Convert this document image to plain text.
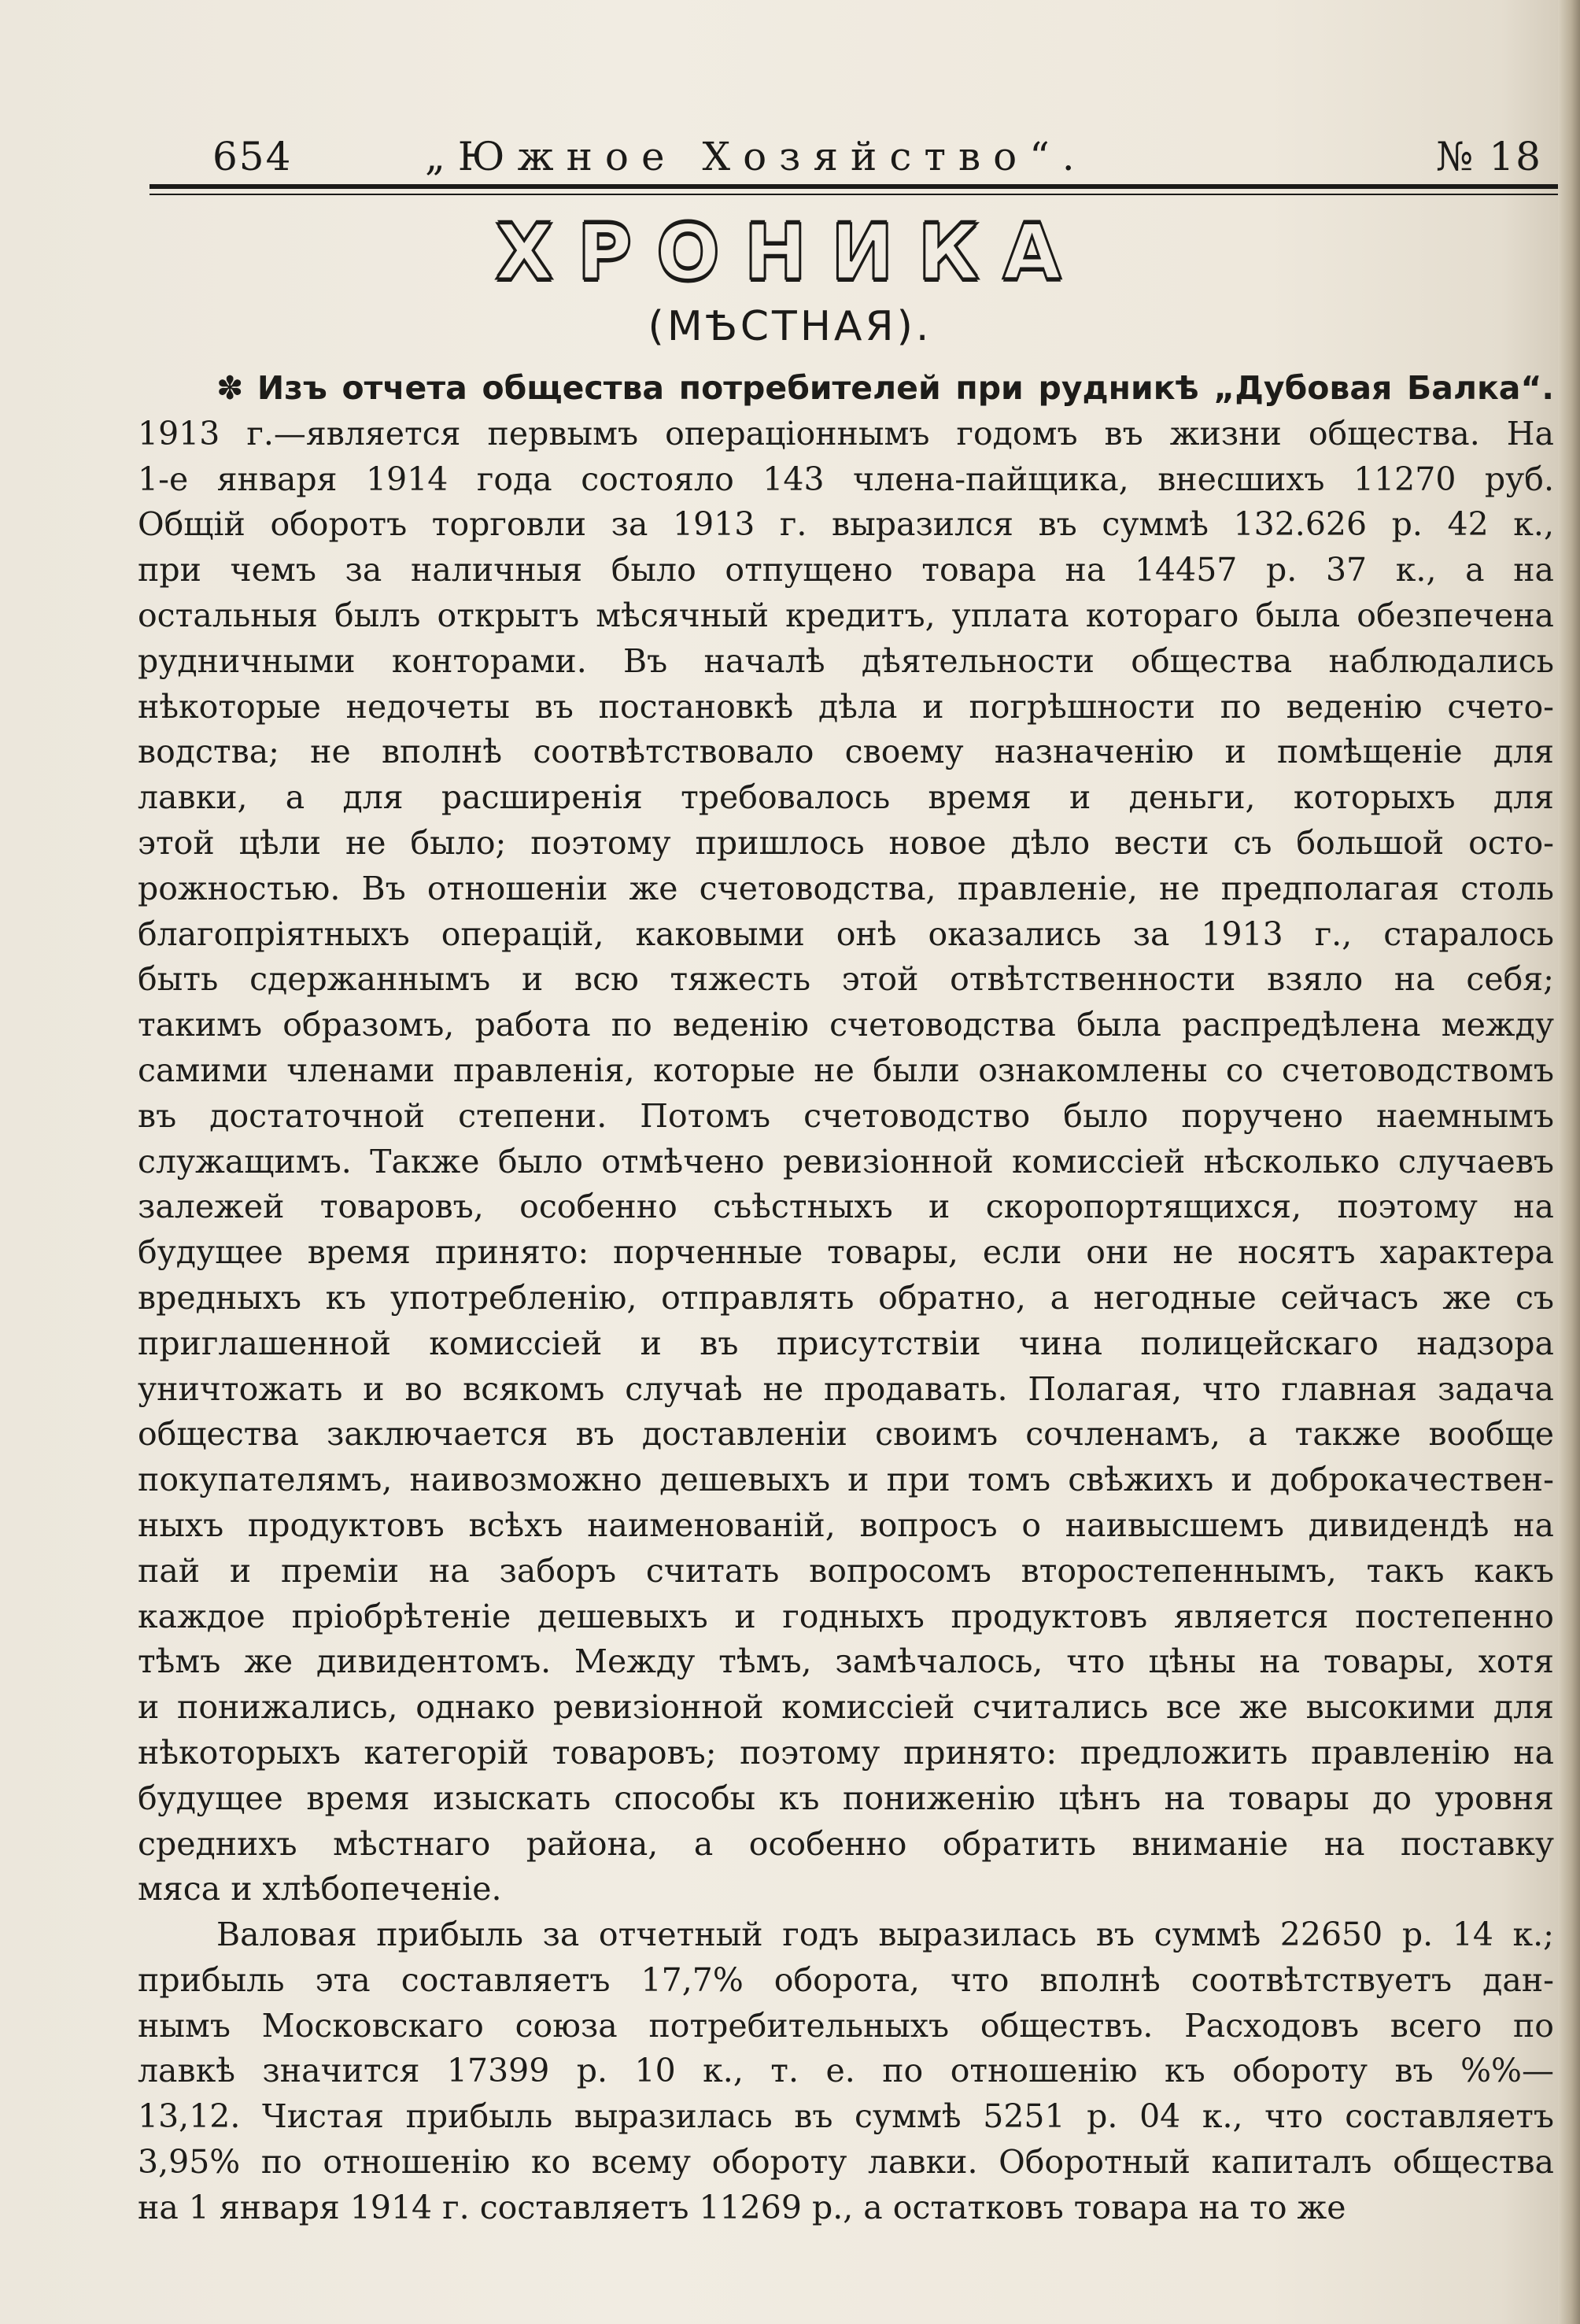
654	„Южное Хозяйство“.	№ 18
ХРОНИКА
(МѢСТНАЯ).
✽ Изъ отчета общества потребителей при рудникѣ „Дубовая Балка“.
1913 г.—является первымъ операціоннымъ годомъ въ жизни общества. На
1-е января 1914 года состояло 143 члена-пайщика, внесшихъ 11270 руб.
Общій оборотъ торговли за 1913 г. выразился въ суммѣ 132.626 р. 42 к.,
при чемъ за наличныя было отпущено товара на 14457 р. 37 к., а на
остальныя былъ открытъ мѣсячный кредитъ, уплата котораго была обезпечена
рудничными конторами. Въ началѣ дѣятельности общества наблюдались
нѣкоторые недочеты въ постановкѣ дѣла и погрѣшности по веденію счето-
водства; не вполнѣ соотвѣтствовало своему назначенію и помѣщеніе для
лавки, а для расширенія требовалось время и деньги, которыхъ для
этой цѣли не было; поэтому пришлось новое дѣло вести съ большой осто-
рожностью. Въ отношеніи же счетоводства, правленіе, не предполагая столь
благопріятныхъ операцій, каковыми онѣ оказались за 1913 г., старалось
быть сдержаннымъ и всю тяжесть этой отвѣтственности взяло на себя;
такимъ образомъ, работа по веденію счетоводства была распредѣлена между
самими членами правленія, которые не были ознакомлены со счетоводствомъ
въ достаточной степени. Потомъ счетоводство было поручено наемнымъ
служащимъ. Также было отмѣчено ревизіонной комиссіей нѣсколько случаевъ
залежей товаровъ, особенно съѣстныхъ и скоропортящихся, поэтому на
будущее время принято: порченные товары, если они не носятъ характера
вредныхъ къ употребленію, отправлять обратно, а негодные сейчасъ же съ
приглашенной комиссіей и въ присутствіи чина полицейскаго надзора
уничтожать и во всякомъ случаѣ не продавать. Полагая, что главная задача
общества заключается въ доставленіи своимъ сочленамъ, а также вообще
покупателямъ, наивозможно дешевыхъ и при томъ свѣжихъ и доброкачествен-
ныхъ продуктовъ всѣхъ наименованій, вопросъ о наивысшемъ дивидендѣ на
пай и преміи на заборъ считать вопросомъ второстепеннымъ, такъ какъ
каждое пріобрѣтеніе дешевыхъ и годныхъ продуктовъ является постепенно
тѣмъ же дивидентомъ. Между тѣмъ, замѣчалось, что цѣны на товары, хотя
и понижались, однако ревизіонной комиссіей считались все же высокими для
нѣкоторыхъ категорій товаровъ; поэтому принято: предложить правленію на
будущее время изыскать способы къ пониженію цѣнъ на товары до уровня
среднихъ мѣстнаго района, а особенно обратить вниманіе на поставку
мяса и хлѣбопеченіе.
Валовая прибыль за отчетный годъ выразилась въ суммѣ 22650 р. 14 к.;
прибыль эта составляетъ 17,7% оборота, что вполнѣ соотвѣтствуетъ дан-
нымъ Московскаго союза потребительныхъ обществъ. Расходовъ всего по
лавкѣ значится 17399 р. 10 к., т. е. по отношенію къ обороту въ %%—
13,12. Чистая прибыль выразилась въ суммѣ 5251 р. 04 к., что составляетъ
3,95% по отношенію ко всему обороту лавки. Оборотный капиталъ общества
на 1 января 1914 г. составляетъ 11269 р., а остатковъ товара на то же
